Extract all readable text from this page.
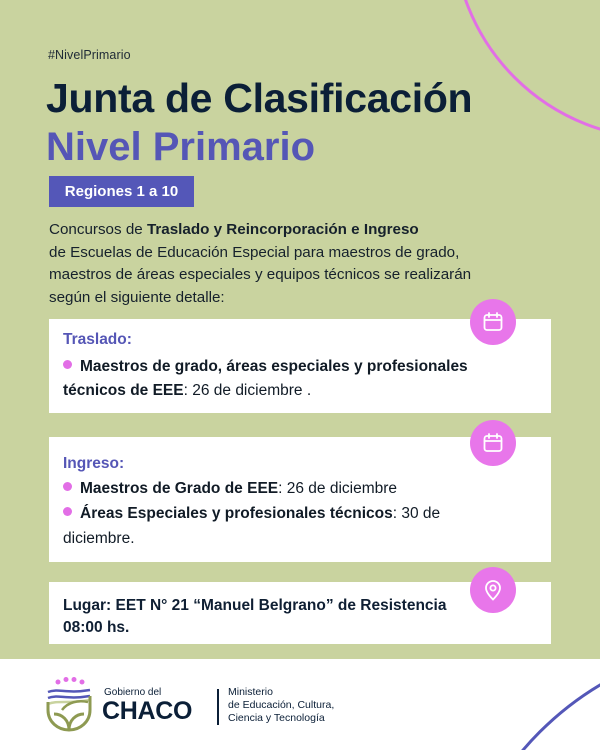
#NivelPrimario
Junta de Clasificación
Nivel Primario
Regiones 1 a 10
Concursos de Traslado y Reincorporación e Ingreso
de Escuelas de Educación Especial para maestros de grado,
maestros de áreas especiales y equipos técnicos se realizarán
según el siguiente detalle:
Traslado:
Maestros de grado, áreas especiales y profesionales
técnicos de EEE: 26 de diciembre .
Ingreso:
Maestros de Grado de EEE: 26 de diciembre
Áreas Especiales y profesionales técnicos: 30 de
diciembre.
Lugar: EET N° 21 “Manuel Belgrano” de Resistencia
08:00 hs.
Gobierno del
CHACO
Ministerio
de Educación, Cultura,
Ciencia y Tecnología
